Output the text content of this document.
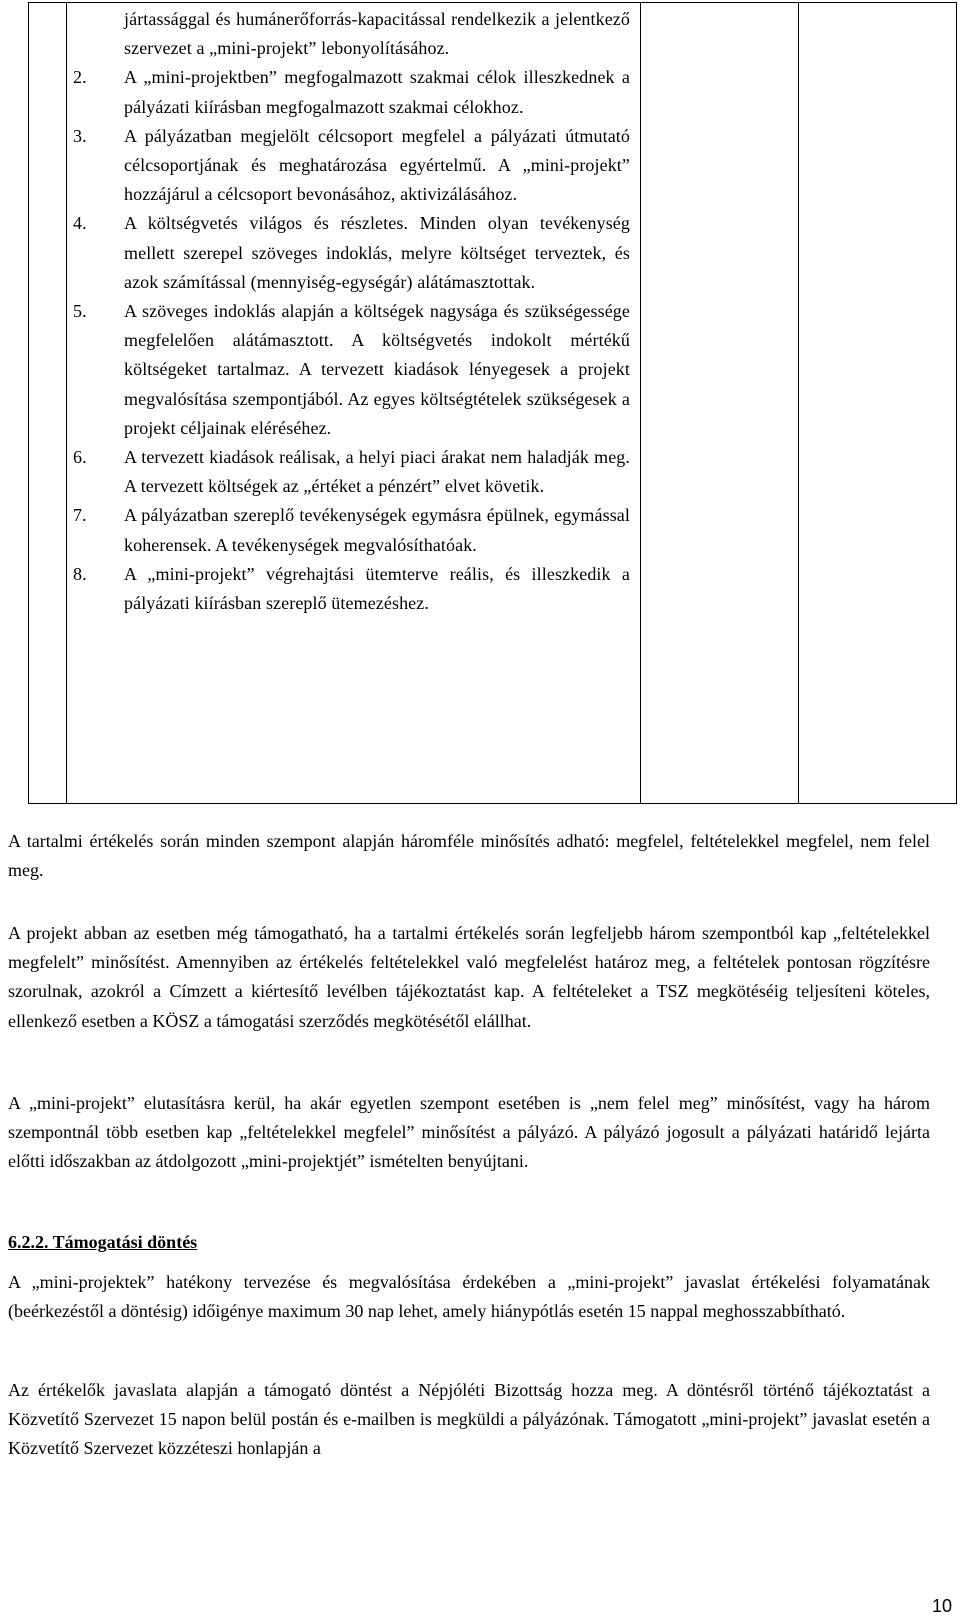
jártassággal és humánerőforrás-kapacitással rendelkezik a jelentkező szervezet a „mini-projekt” lebonyolításához.
2.	A „mini-projektben” megfogalmazott szakmai célok illeszkednek a pályázati kiírásban megfogalmazott szakmai célokhoz.
3.	A pályázatban megjelölt célcsoport megfelel a pályázati útmutató célcsoportjának és meghatározása egyértelmű. A „mini-projekt” hozzájárul a célcsoport bevonásához, aktivizálásához.
4.	A költségvetés világos és részletes. Minden olyan tevékenység mellett szerepel szöveges indoklás, melyre költséget terveztek, és azok számítással (mennyiség-egységár) alátámasztottak.
5.	A szöveges indoklás alapján a költségek nagysága és szükségessége megfelelően alátámasztott. A költségvetés indokolt mértékű költségeket tartalmaz. A tervezett kiadások lényegesek a projekt megvalósítása szempontjából. Az egyes költségtételek szükségesek a projekt céljainak eléréséhez.
6.	A tervezett kiadások reálisak, a helyi piaci árakat nem haladják meg. A tervezett költségek az „értéket a pénzért” elvet követik.
7.	A pályázatban szereplő tevékenységek egymásra épülnek, egymással koherensek. A tevékenységek megvalósíthatóak.
8.	A „mini-projekt” végrehajtási ütemterve reális, és illeszkedik a pályázati kiírásban szereplő ütemezéshez.

A tartalmi értékelés során minden szempont alapján háromféle minősítés adható: megfelel, feltételekkel megfelel, nem felel meg.

A projekt abban az esetben még támogatható, ha a tartalmi értékelés során legfeljebb három szempontból kap „feltételekkel megfelelt” minősítést. Amennyiben az értékelés feltételekkel való megfelelést határoz meg, a feltételek pontosan rögzítésre szorulnak, azokról a Címzett a kiértesítő levélben tájékoztatást kap. A feltételeket a TSZ megkötéséig teljesíteni köteles, ellenkező esetben a KÖSZ a támogatási szerződés megkötésétől elállhat.

A „mini-projekt” elutasításra kerül, ha akár egyetlen szempont esetében is „nem felel meg” minősítést, vagy ha három szempontnál több esetben kap „feltételekkel megfelel” minősítést a pályázó. A pályázó jogosult a pályázati határidő lejárta előtti időszakban az átdolgozott „mini-projektjét” ismételten benyújtani.

6.2.2. Támogatási döntés

A „mini-projektek” hatékony tervezése és megvalósítása érdekében a „mini-projekt” javaslat értékelési folyamatának (beérkezéstől a döntésig) időigénye maximum 30 nap lehet, amely hiánypótlás esetén 15 nappal meghosszabbítható.

Az értékelők javaslata alapján a támogató döntést a Népjóléti Bizottság hozza meg. A döntésről történő tájékoztatást a Közvetítő Szervezet 15 napon belül postán és e-mailben is megküldi a pályázónak. Támogatott „mini-projekt” javaslat esetén a Közvetítő Szervezet közzéteszi honlapján a

10
